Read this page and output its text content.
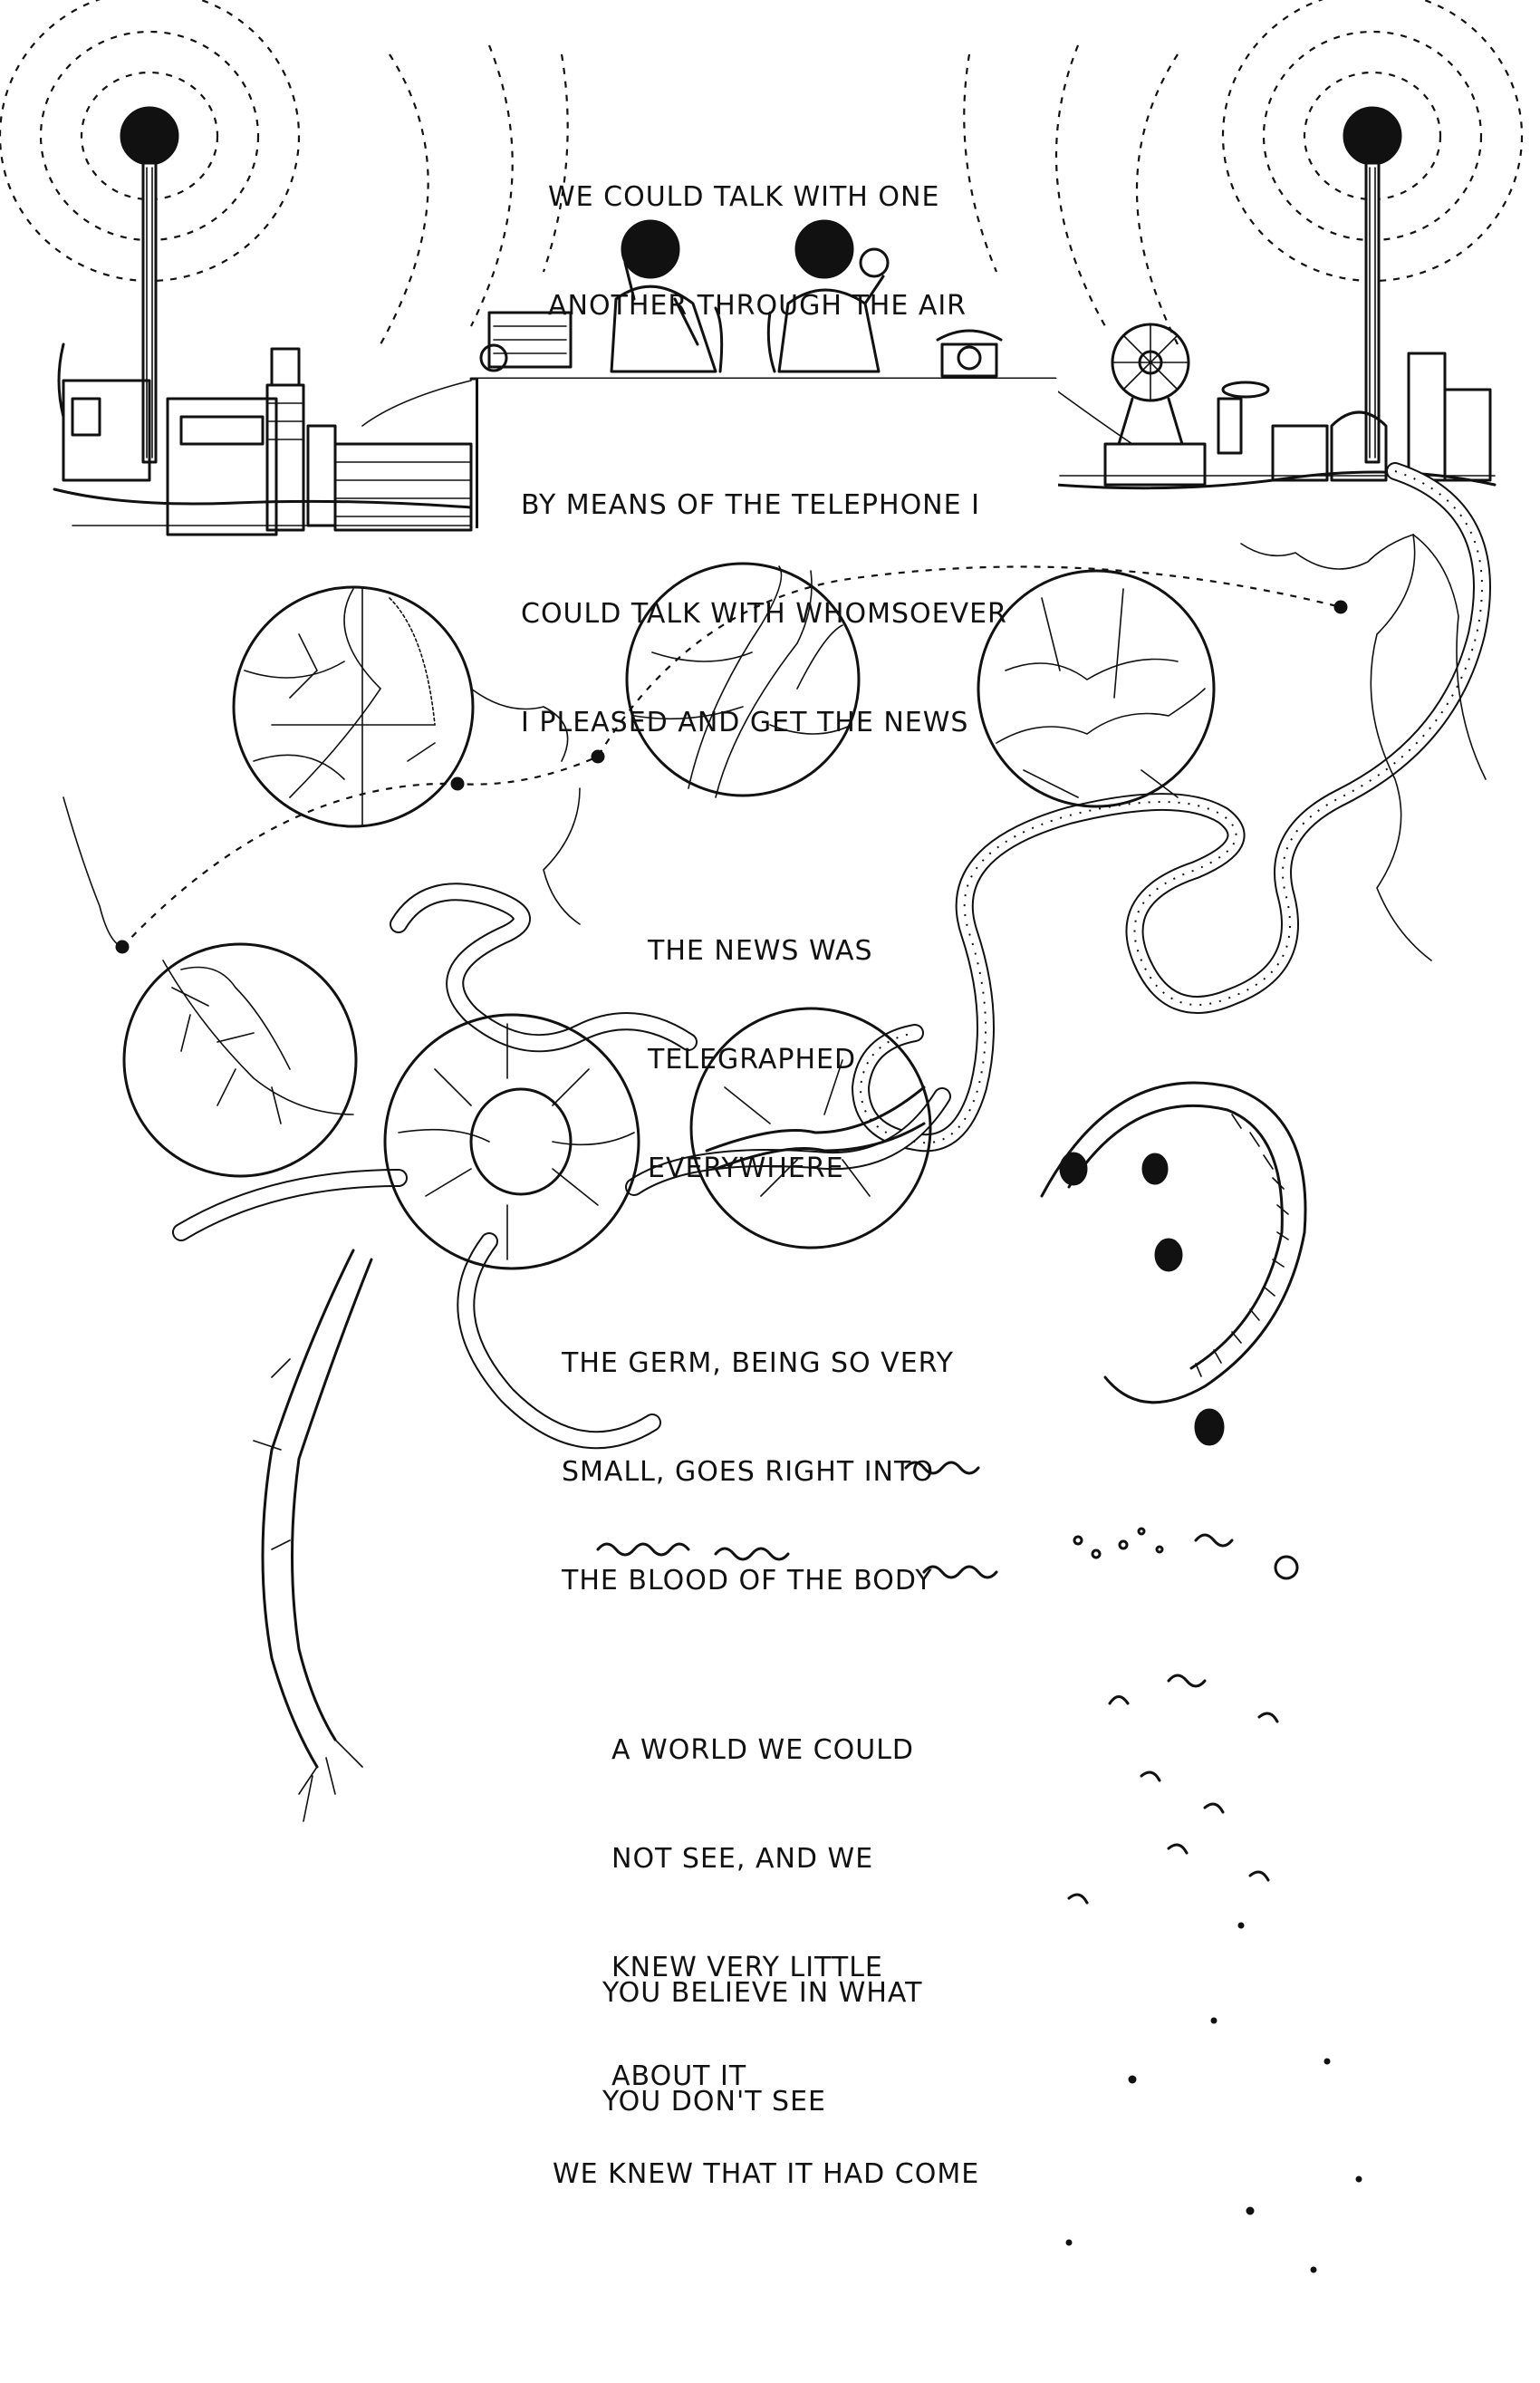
WE COULD TALK WITH ONE

ANOTHER THROUGH THE AIR

BY MEANS OF THE TELEPHONE I

COULD TALK WITH WHOMSOEVER

I PLEASED AND GET THE NEWS

THE NEWS WAS

TELEGRAPHED

EVERYWHERE

THE GERM, BEING SO VERY

SMALL, GOES RIGHT INTO

THE BLOOD OF THE BODY

A WORLD WE COULD

NOT SEE, AND WE

KNEW VERY LITTLE

ABOUT IT

YOU BELIEVE IN WHAT

YOU DON'T SEE

WE KNEW THAT IT HAD COME
